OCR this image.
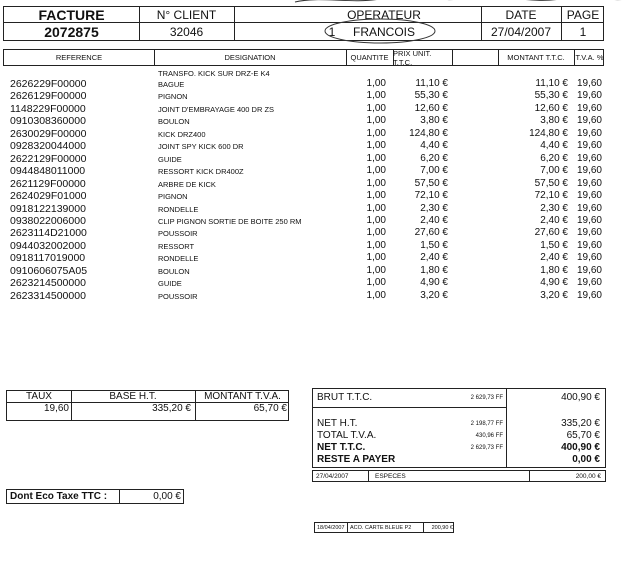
FACTURE	N° CLIENT	OPERATEUR	DATE	PAGE
2072875	32046	1	FRANCOIS	27/04/2007	1
REFERENCE	DESIGNATION	QUANTITE PRIX UNIT. T.T.C.	MONTANT T.T.C.	T.V.A. %
TRANSFO. KICK SUR DRZ-E K4
2626229F00000	BAGUE	1,00	11,10 €	11,10 € 19,60
2626129F00000	PIGNON	1,00	55,30 €	55,30 € 19,60
1148229F00000	JOINT D'EMBRAYAGE 400 DR ZS	1,00	12,60 €	12,60 € 19,60
0910308360000	BOULON	1,00	3,80 €	3,80 € 19,60
2630029F00000	KICK DRZ400	1,00	124,80 €	124,80 € 19,60
0928320044000	JOINT SPY KICK 600 DR	1,00	4,40 €	4,40 € 19,60
2622129F00000	GUIDE	1,00	6,20 €	6,20 € 19,60
0944848011000	RESSORT KICK DR400Z	1,00	7,00 €	7,00 € 19,60
2621129F00000	ARBRE DE KICK	1,00	57,50 €	57,50 € 19,60
2624029F01000	PIGNON	1,00	72,10 €	72,10 € 19,60
0918122139000	RONDELLE	1,00	2,30 €	2,30 € 19,60
0938022006000	CLIP PIGNON SORTIE DE BOITE 250 RM	1,00	2,40 €	2,40 € 19,60
2623114D21000	POUSSOIR	1,00	27,60 €	27,60 € 19,60
0944032002000	RESSORT	1,00	1,50 €	1,50 € 19,60
0918117019000	RONDELLE	1,00	2,40 €	2,40 € 19,60
0910606075A05	BOULON	1,00	1,80 €	1,80 € 19,60
2623214500000	GUIDE	1,00	4,90 €	4,90 € 19,60
2623314500000	POUSSOIR	1,00	3,20 €	3,20 € 19,60
TAUX	BASE H.T.	MONTANT T.V.A.
19,60	335,20 €	65,70 €
BRUT T.T.C.	2 629,73 FF	400,90 €
NET H.T.	2 198,77 FF	335,20 €
TOTAL T.V.A.	430,96 FF	65,70 €
NET T.T.C.	2 629,73 FF	400,90 €
RESTE A PAYER	0,00 €
27/04/2007	ESPECES	200,00 €
Dont Eco Taxe TTC :	0,00 €
18/04/2007 ACO. CARTE BLEUE P2	200,90 €
